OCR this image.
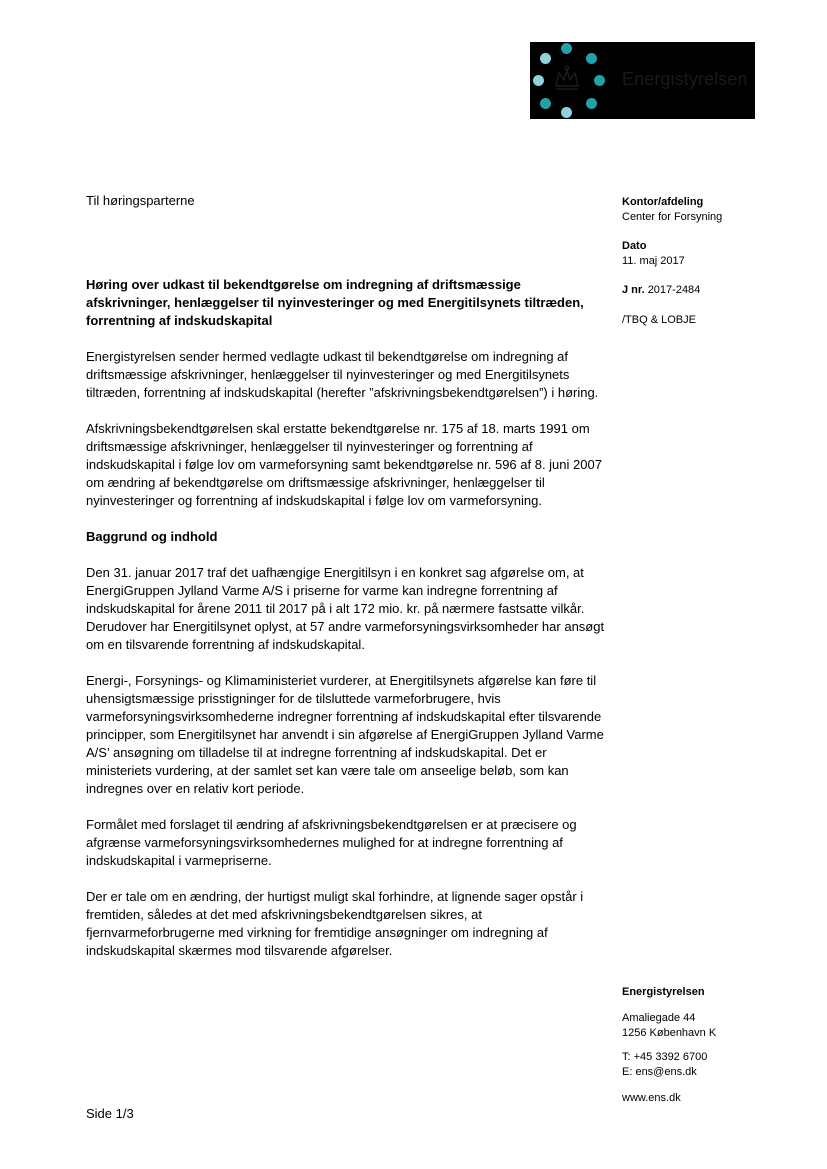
Energistyrelsen
Til høringsparterne	Kontor/afdeling
Center for Forsyning
Dato
11. maj 2017
J nr. 2017-2484
/TBQ & LOBJE
Høring over udkast til bekendtgørelse om indregning af driftsmæssige afskrivninger, henlæggelser til nyinvesteringer og med Energitilsynets tiltræden, forrentning af indskudskapital

Energistyrelsen sender hermed vedlagte udkast til bekendtgørelse om indregning af driftsmæssige afskrivninger, henlæggelser til nyinvesteringer og med Energitilsynets tiltræden, forrentning af indskudskapital (herefter ”afskrivningsbekendtgørelsen”) i høring.

Afskrivningsbekendtgørelsen skal erstatte bekendtgørelse nr. 175 af 18. marts 1991 om driftsmæssige afskrivninger, henlæggelser til nyinvesteringer og forrentning af indskudskapital i følge lov om varmeforsyning samt bekendtgørelse nr. 596 af 8. juni 2007 om ændring af bekendtgørelse om driftsmæssige afskrivninger, henlæggelser til nyinvesteringer og forrentning af indskudskapital i følge lov om varmeforsyning.

Baggrund og indhold

Den 31. januar 2017 traf det uafhængige Energitilsyn i en konkret sag afgørelse om, at EnergiGruppen Jylland Varme A/S i priserne for varme kan indregne forrentning af indskudskapital for årene 2011 til 2017 på i alt 172 mio. kr. på nærmere fastsatte vilkår. Derudover har Energitilsynet oplyst, at 57 andre varmeforsyningsvirksomheder har ansøgt om en tilsvarende forrentning af indskudskapital.

Energi-, Forsynings- og Klimaministeriet vurderer, at Energitilsynets afgørelse kan føre til uhensigtsmæssige prisstigninger for de tilsluttede varmeforbrugere, hvis varmeforsyningsvirksomhederne indregner forrentning af indskudskapital efter tilsvarende principper, som Energitilsynet har anvendt i sin afgørelse af EnergiGruppen Jylland Varme A/S’ ansøgning om tilladelse til at indregne forrentning af indskudskapital. Det er ministeriets vurdering, at der samlet set kan være tale om anseelige beløb, som kan indregnes over en relativ kort periode.

Formålet med forslaget til ændring af afskrivningsbekendtgørelsen er at præcisere og afgrænse varmeforsyningsvirksomhedernes mulighed for at indregne forrentning af indskudskapital i varmepriserne.

Der er tale om en ændring, der hurtigst muligt skal forhindre, at lignende sager opstår i fremtiden, således at det med afskrivningsbekendtgørelsen sikres, at fjernvarmeforbrugerne med virkning for fremtidige ansøgninger om indregning af indskudskapital skærmes mod tilsvarende afgørelser.

Energistyrelsen
Amaliegade 44
1256 København K
T: +45 3392 6700
E: ens@ens.dk
www.ens.dk
Side 1/3
